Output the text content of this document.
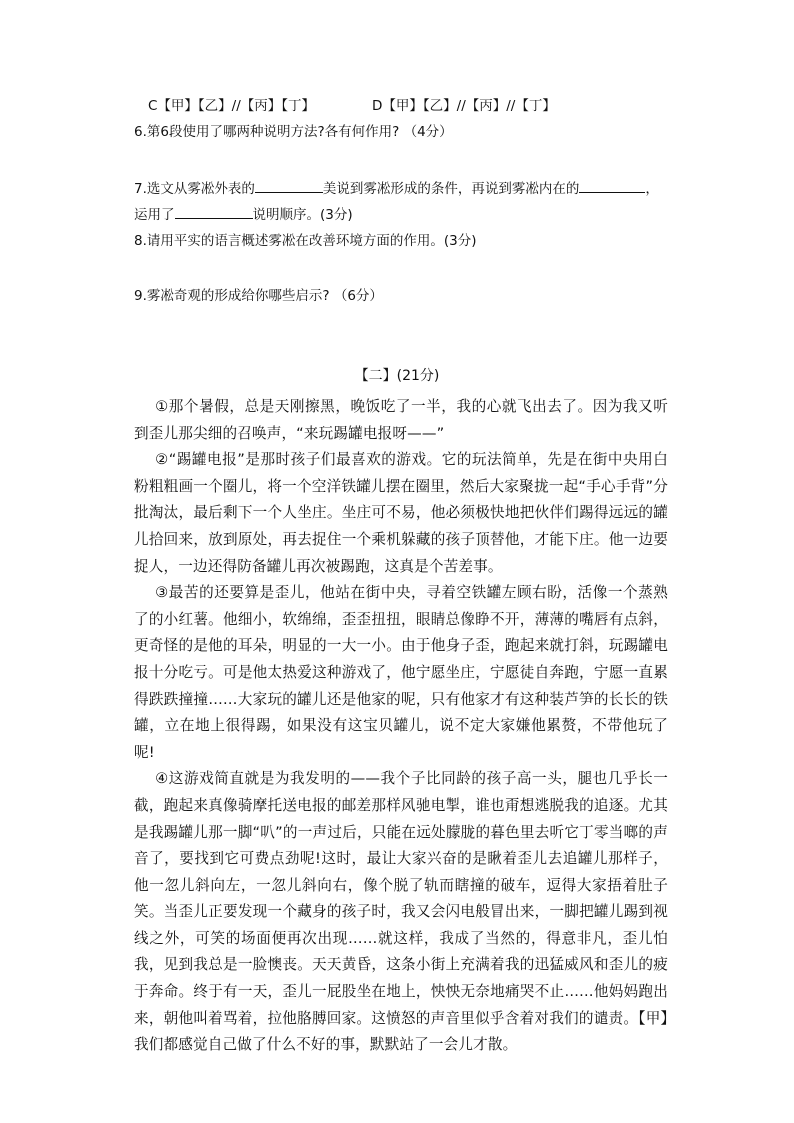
C【甲】【乙】//【丙】【丁】	D【甲】【乙】//【丙】//【丁】
6.第6段使用了哪两种说明方法?各有何作用? （4分）
7.选文从雾凇外表的	美说到雾凇形成的条件，再说到雾凇内在的	，
运用了	说明顺序。(3分)
8.请用平实的语言概述雾凇在改善环境方面的作用。(3分)
9.雾凇奇观的形成给你哪些启示? （6分）
【二】(21分)

①那个暑假，总是天刚擦黑，晚饭吃了一半，我的心就飞出去了。因为我又听到歪儿那尖细的召唤声，“来玩踢罐电报呀——”

②“踢罐电报”是那时孩子们最喜欢的游戏。它的玩法简单，先是在街中央用白粉粗粗画一个圈儿，将一个空洋铁罐儿摆在圈里，然后大家聚拢一起“手心手背”分批淘汰，最后剩下一个人坐庄。坐庄可不易，他必须极快地把伙伴们踢得远远的罐儿拾回来，放到原处，再去捉住一个乘机躲藏的孩子顶替他，才能下庄。他一边要捉人，一边还得防备罐儿再次被踢跑，这真是个苦差事。

③最苦的还要算是歪儿，他站在街中央，寻着空铁罐左顾右盼，活像一个蒸熟了的小红薯。他细小，软绵绵，歪歪扭扭，眼睛总像睁不开，薄薄的嘴唇有点斜，更奇怪的是他的耳朵，明显的一大一小。由于他身子歪，跑起来就打斜，玩踢罐电报十分吃亏。可是他太热爱这种游戏了，他宁愿坐庄，宁愿徒自奔跑，宁愿一直累得跌跌撞撞……大家玩的罐儿还是他家的呢，只有他家才有这种装芦笋的长长的铁罐，立在地上很得踢，如果没有这宝贝罐儿，说不定大家嫌他累赘，不带他玩了呢!

④这游戏简直就是为我发明的——我个子比同龄的孩子高一头，腿也几乎长一截，跑起来真像骑摩托送电报的邮差那样风驰电掣，谁也甭想逃脱我的追逐。尤其是我踢罐儿那一脚“叭”的一声过后，只能在远处朦胧的暮色里去听它丁零当啷的声音了，要找到它可费点劲呢!这时，最让大家兴奋的是瞅着歪儿去追罐儿那样子，他一忽儿斜向左，一忽儿斜向右，像个脱了轨而瞎撞的破车，逗得大家捂着肚子笑。当歪儿正要发现一个藏身的孩子时，我又会闪电般冒出来，一脚把罐儿踢到视线之外，可笑的场面便再次出现……就这样，我成了当然的，得意非凡，歪儿怕我，见到我总是一脸懊丧。天天黄昏，这条小街上充满着我的迅猛威风和歪儿的疲于奔命。终于有一天，歪儿一屁股坐在地上，怏怏无奈地痛哭不止……他妈妈跑出来，朝他叫着骂着，拉他胳膊回家。这愤怒的声音里似乎含着对我们的谴责。【甲】我们都感觉自己做了什么不好的事，默默站了一会儿才散。
